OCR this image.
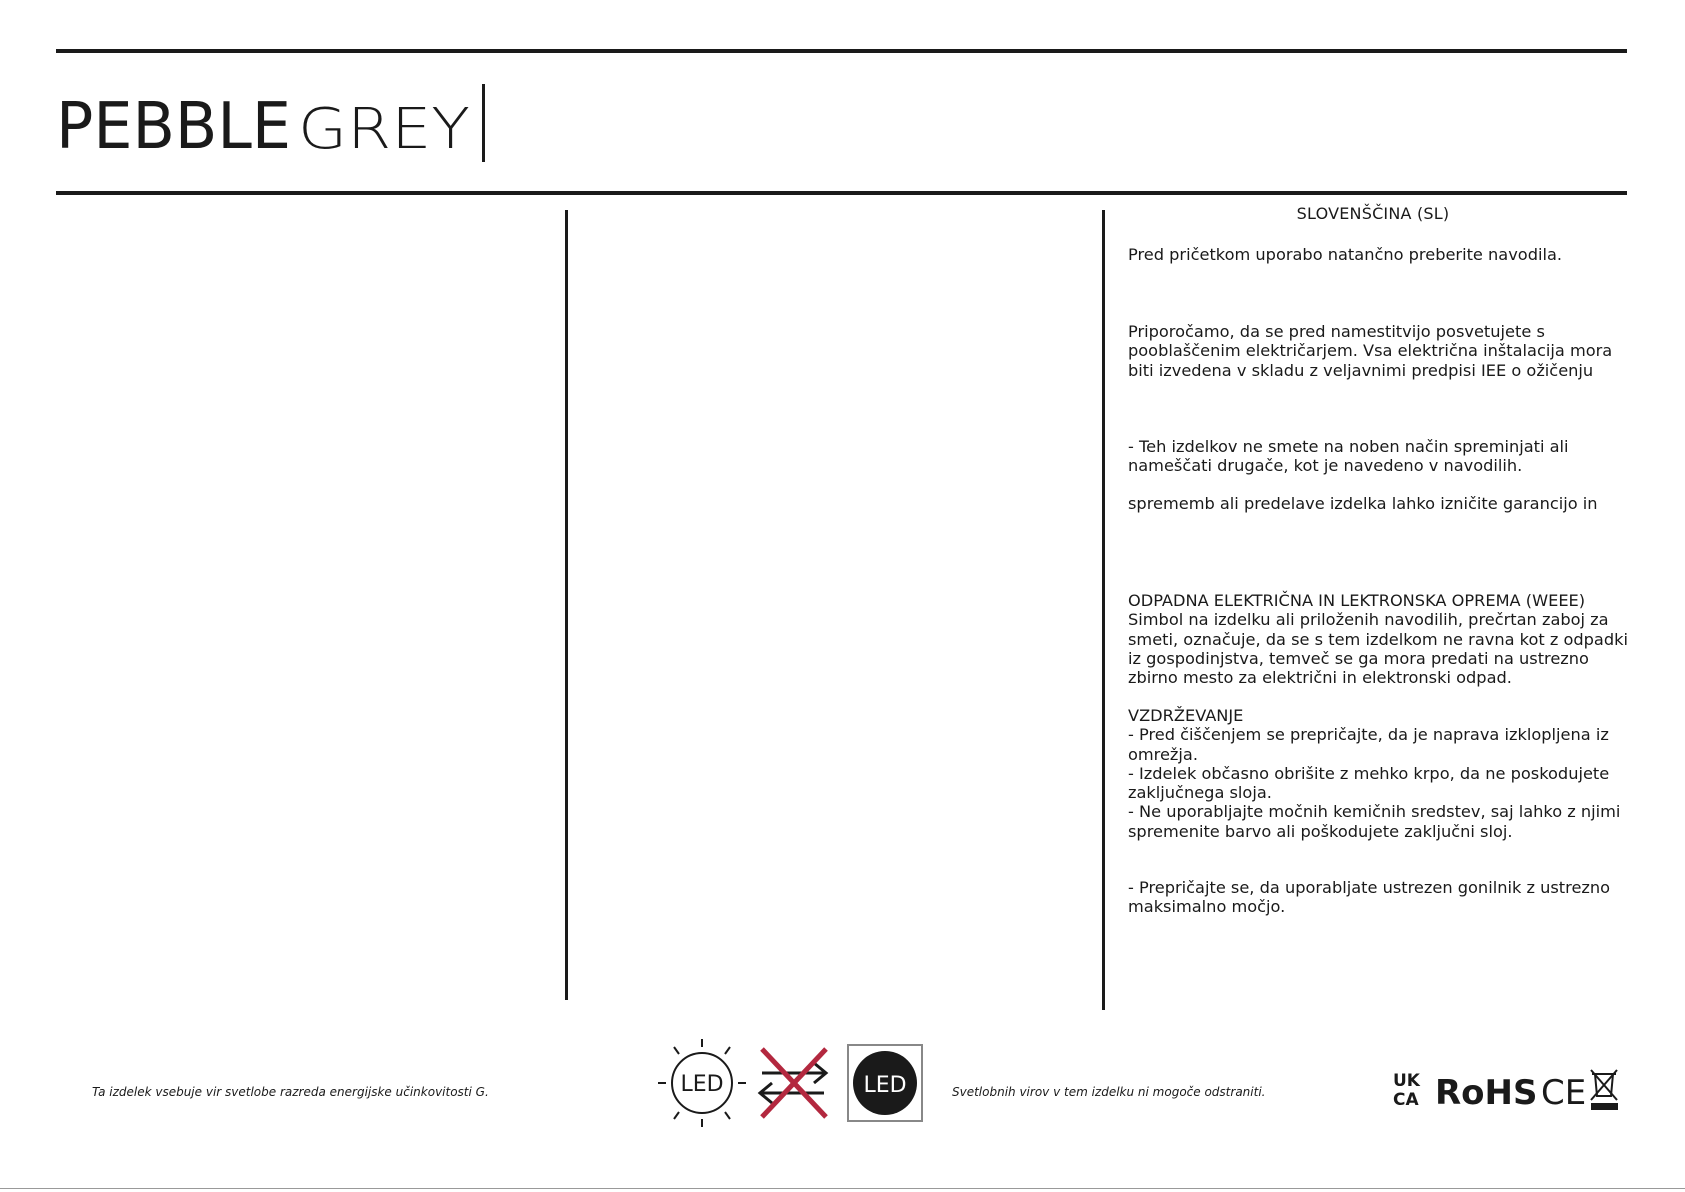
PEBBLE GREY
SLOVENŠČINA (SL)
Pred pričetkom uporabo natančno preberite navodila.
Priporočamo, da se pred namestitvijo posvetujete s
pooblaščenim električarjem. Vsa električna inštalacija mora
biti izvedena v skladu z veljavnimi predpisi IEE o ožičenju
- Teh izdelkov ne smete na noben način spreminjati ali
nameščati drugače, kot je navedeno v navodilih.
sprememb ali predelave izdelka lahko izničite garancijo in
ODPADNA ELEKTRIČNA IN LEKTRONSKA OPREMA (WEEE)
Simbol na izdelku ali priloženih navodilih, prečrtan zaboj za
smeti, označuje, da se s tem izdelkom ne ravna kot z odpadki
iz gospodinjstva, temveč se ga mora predati na ustrezno
zbirno mesto za električni in elektronski odpad.
VZDRŽEVANJE
- Pred čiščenjem se prepričajte, da je naprava izklopljena iz
omrežja.
- Izdelek občasno obrišite z mehko krpo, da ne poskodujete
zaključnega sloja.
- Ne uporabljajte močnih kemičnih sredstev, saj lahko z njimi
spremenite barvo ali poškodujete zaključni sloj.
- Prepričajte se, da uporabljate ustrezen gonilnik z ustrezno
maksimalno močjo.
Ta izdelek vsebuje vir svetlobe razreda energijske učinkovitosti G.	LED	LED	Svetlobnih virov v tem izdelku ni mogoče odstraniti.
UK
CA RoHS CE
